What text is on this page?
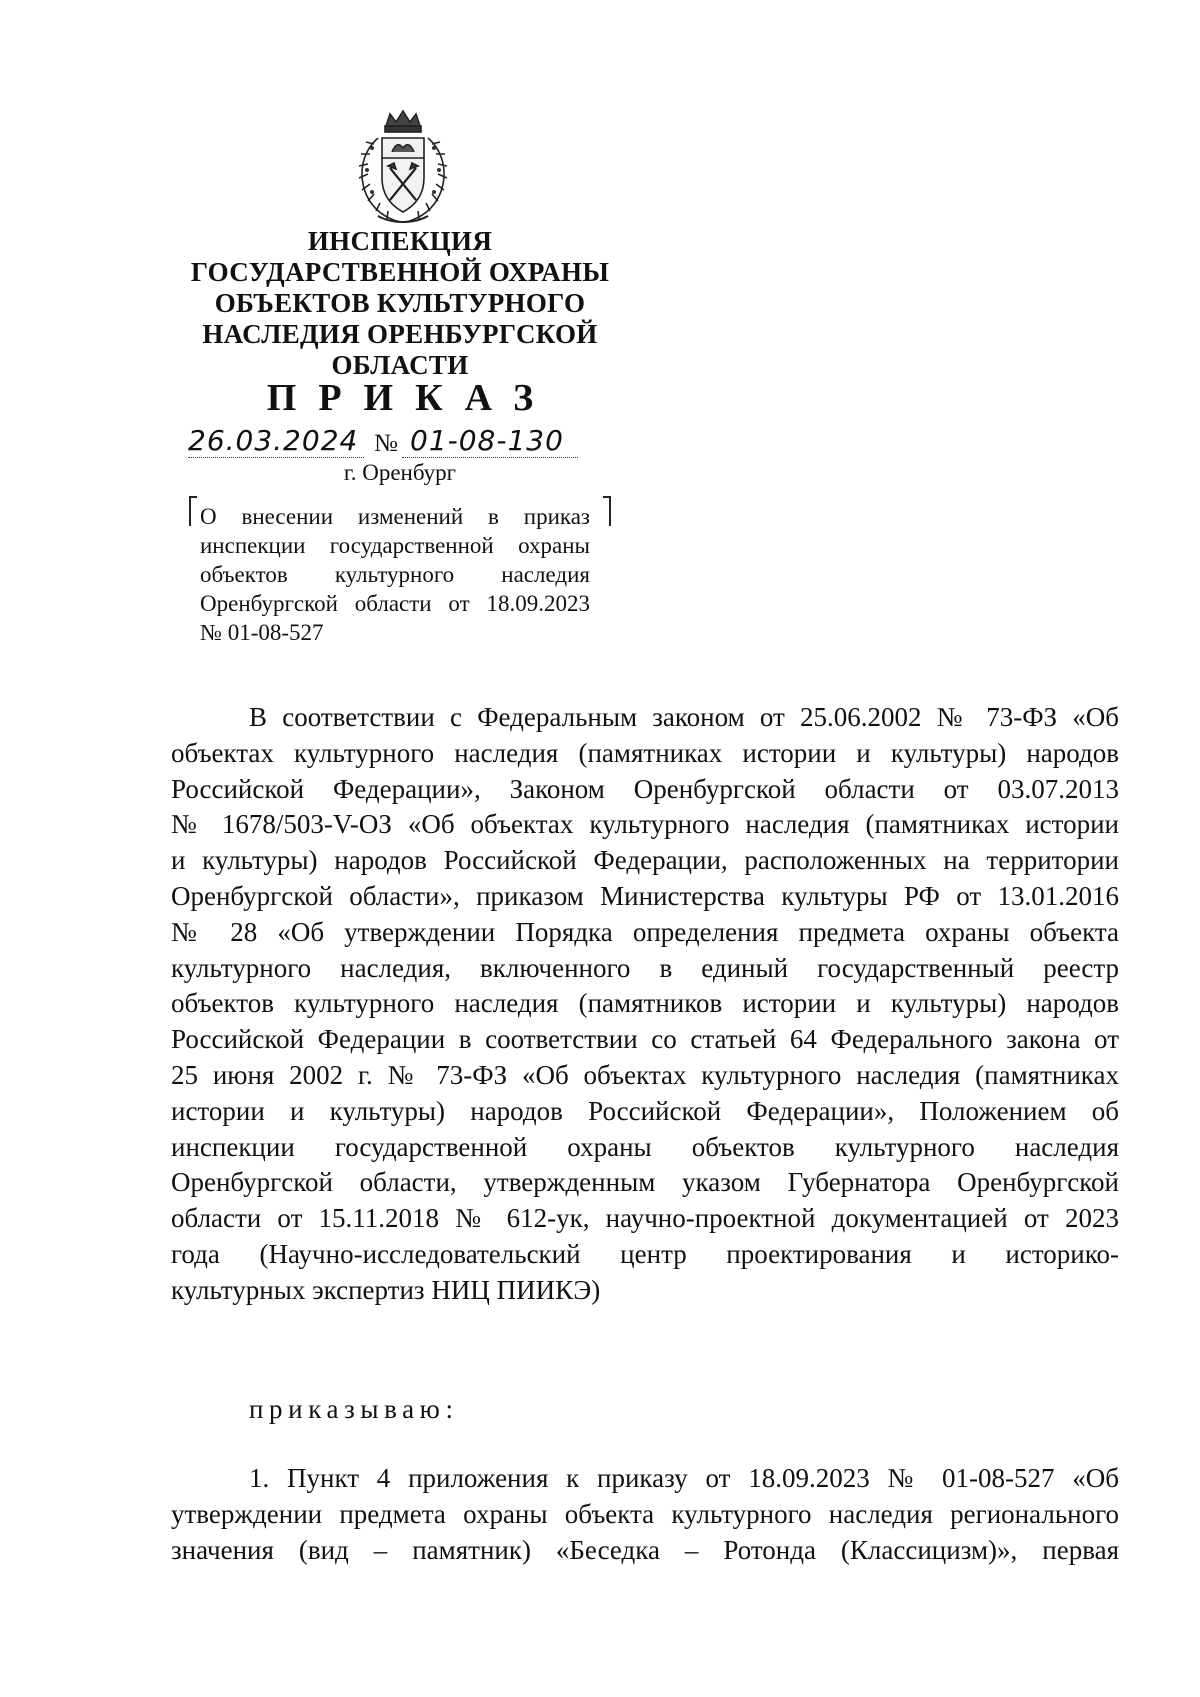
ИНСПЕКЦИЯ
ГОСУДАРСТВЕННОЙ ОХРАНЫ
ОБЪЕКТОВ КУЛЬТУРНОГО
НАСЛЕДИЯ ОРЕНБУРГСКОЙ
ОБЛАСТИ
ПРИКАЗ
26.03.2024 № 01-08-130
г. Оренбург
О внесении изменений в приказ
инспекции государственной охраны
объектов культурного наследия
Оренбургской области от 18.09.2023
№ 01-08-527
В соответствии с Федеральным законом от 25.06.2002 № 73-ФЗ «Об
объектах культурного наследия (памятниках истории и культуры) народов
Российской Федерации», Законом Оренбургской области от 03.07.2013
№ 1678/503-V-ОЗ «Об объектах культурного наследия (памятниках истории
и культуры) народов Российской Федерации, расположенных на территории
Оренбургской области», приказом Министерства культуры РФ от 13.01.2016
№ 28 «Об утверждении Порядка определения предмета охраны объекта
культурного наследия, включенного в единый государственный реестр
объектов культурного наследия (памятников истории и культуры) народов
Российской Федерации в соответствии со статьей 64 Федерального закона от
25 июня 2002 г. № 73-ФЗ «Об объектах культурного наследия (памятниках
истории и культуры) народов Российской Федерации», Положением об
инспекции государственной охраны объектов культурного наследия
Оренбургской области, утвержденным указом Губернатора Оренбургской
области от 15.11.2018 № 612-ук, научно-проектной документацией от 2023
года (Научно-исследовательский центр проектирования и историко-
культурных экспертиз НИЦ ПИИКЭ)
приказываю:
1. Пункт 4 приложения к приказу от 18.09.2023 № 01-08-527 «Об
утверждении предмета охраны объекта культурного наследия регионального
значения (вид – памятник) «Беседка – Ротонда (Классицизм)», первая
